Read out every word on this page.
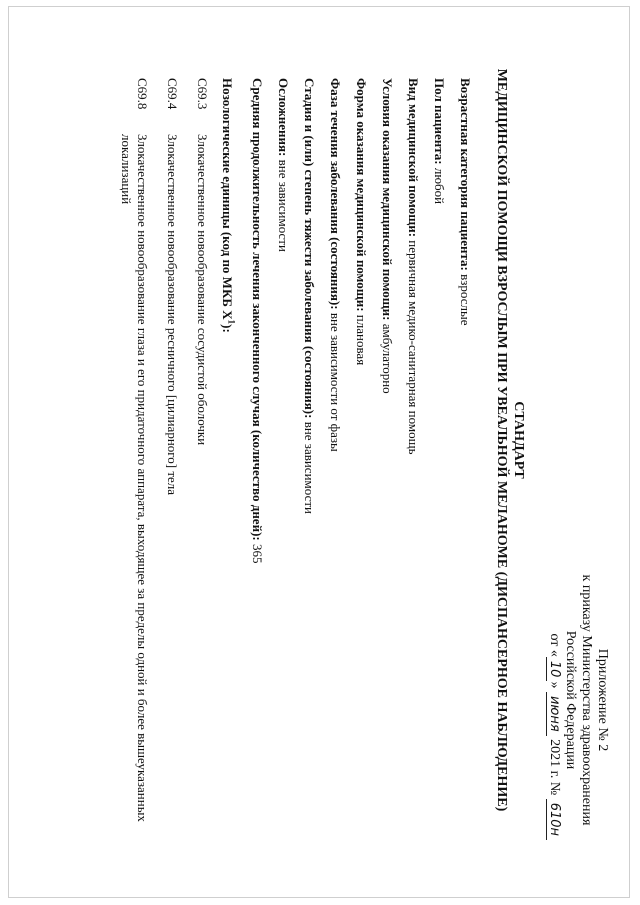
Приложение № 2
к приказу Министерства здравоохранения
Российской Федерации
от «10» июня 2021 г. № 610н
СТАНДАРТ
МЕДИЦИНСКОЙ ПОМОЩИ ВЗРОСЛЫМ ПРИ УВЕАЛЬНОЙ МЕЛАНОМЕ (ДИСПАНСЕРНОЕ НАБЛЮДЕНИЕ)
Возрастная категория пациента: взрослые
Пол пациента: любой
Вид медицинской помощи: первичная медико-санитарная помощь
Условия оказания медицинской помощи: амбулаторно
Форма оказания медицинской помощи: плановая
Фаза течения заболевания (состояния): вне зависимости от фазы
Стадия и (или) степень тяжести заболевания (состояния): вне зависимости
Осложнения: вне зависимости
Средняя продолжительность лечения законченного случая (количество дней): 365
Нозологические единицы (код по МКБ $X^1$):
C69.3
Злокачественное новообразование сосудистой оболочки
C69.4
Злокачественное новообразование ресничного [цилиарного] тела
C69.8
Злокачественное новообразование глаза и его придаточного аппарата, выходящее за пределы одной и более вышеуказанных локализаций
